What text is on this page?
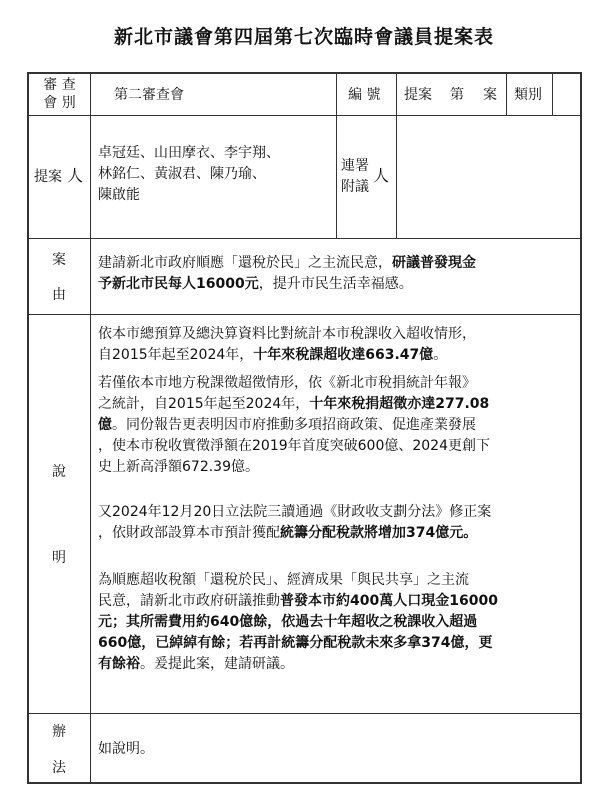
新北市議會第四屆第七次臨時會議員提案表
審 查
會 別	第二審查會	編 號 提案 第 案 類別
提案 人
卓冠廷、山田摩衣、李宇翔、
林銘仁、黃淑君、陳乃瑜、
陳啟能
連署
附議
人
案
由
建請新北市政府順應「還稅於民」之主流民意，研議普發現金
予新北市民每人16000元，提升市民生活幸福感。
說
明
依本市總預算及總決算資料比對統計本市稅課收入超收情形，
自2015年起至2024年，十年來稅課超收達663.47億。
若僅依本市地方稅課徵超徵情形，依《新北市稅捐統計年報》
之統計，自2015年起至2024年，十年來稅捐超徵亦達277.08
億。同份報告更表明因市府推動多項招商政策、促進產業發展
，使本市稅收實徵淨額在2019年首度突破600億、2024更創下
史上新高淨額672.39億。
又2024年12月20日立法院三讀通過《財政收支劃分法》修正案
，依財政部設算本市預計獲配統籌分配稅款將增加374億元。
為順應超收稅額「還稅於民」、經濟成果「與民共享」之主流
民意，請新北市政府研議推動普發本市約400萬人口現金16000
元；其所需費用約640億餘，依過去十年超收之稅課收入超過
660億，已綽綽有餘；若再計統籌分配稅款未來多拿374億，更
有餘裕。爰提此案，建請研議。
辦
法
如說明。
